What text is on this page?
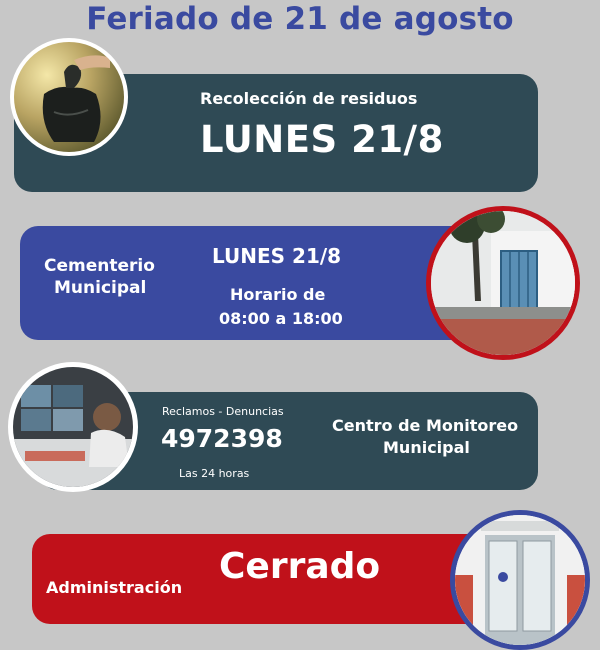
Feriado de 21 de agosto
Recolección de residuos
LUNES 21/8
Cementerio
Municipal
LUNES 21/8
Horario de
08:00 a 18:00
Reclamos - Denuncias
4972398
Las 24 horas
Centro de Monitoreo
Municipal
Cerrado
Administración
